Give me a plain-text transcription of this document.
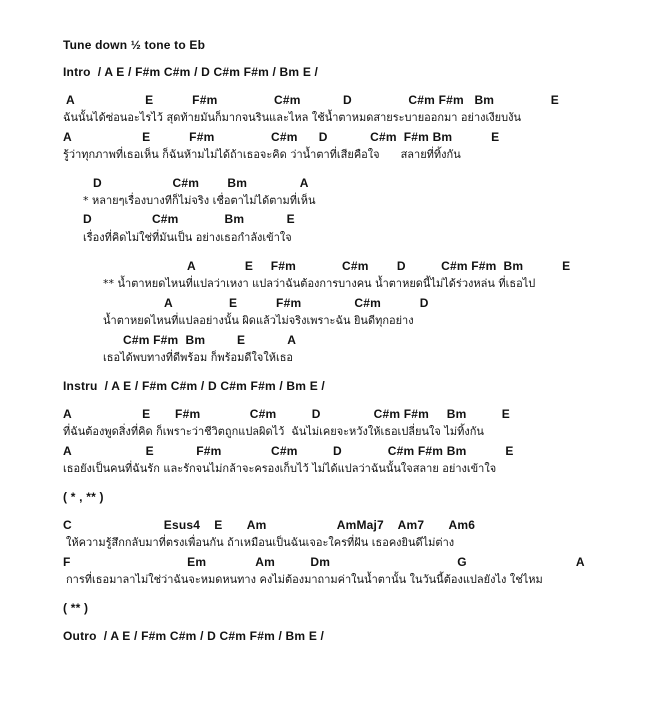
Tune down ½ tone to Eb
Intro  / A E / F#m C#m / D C#m F#m / Bm E /
A                    E           F#m                C#m            D                C#m F#m   Bm                E
ฉันนั้นได้ซ่อนอะไรไว้ สุดท้ายมันก็มากจนรินและไหล ใช้น้ำตาหมดสายระบายออกมา อย่างเงียบงัน
A                    E           F#m                C#m      D            C#m  F#m Bm           E
รู้ว่าทุกภาพที่เธอเห็น ก็ฉันห้ามไม่ได้ถ้าเธอจะคิด ว่าน้ำตาที่เสียคือใจ      สลายที่ทิ้งกัน
D                    C#m        Bm               A
* หลายๆเรื่องบางทีก็ไม่จริง เชื่อตาไม่ได้ตามที่เห็น
D                 C#m             Bm            E
เรื่องที่คิดไม่ใช่ที่มันเป็น อย่างเธอกำลังเข้าใจ
A              E     F#m             C#m        D          C#m F#m  Bm           E
** น้ำตาหยดไหนที่แปลว่าเหงา แปลว่าฉันต้องการบางคน น้ำตาหยดนี้ไม่ได้ร่วงหล่น ที่เธอไป
A                E           F#m               C#m           D
น้ำตาหยดไหนที่แปลอย่างนั้น ผิดแล้วไม่จริงเพราะฉัน ยินดีทุกอย่าง
C#m F#m  Bm         E            A
เธอได้พบทางที่ดีพร้อม ก็พร้อมดีใจให้เธอ
Instru  / A E / F#m C#m / D C#m F#m / Bm E /
A                    E       F#m              C#m          D               C#m F#m     Bm          E
ที่ฉันต้องพูดสิ่งที่คิด ก็เพราะว่าชีวิตถูกแปลผิดไว้  ฉันไม่เคยจะหวังให้เธอเปลี่ยนใจ ไม่ทิ้งกัน
A                     E            F#m              C#m          D             C#m F#m Bm           E
เธอยังเป็นคนที่ฉันรัก และรักจนไม่กล้าจะครองเก็บไว้ ไม่ได้แปลว่าฉันนั้นใจสลาย อย่างเข้าใจ
( * , ** )
C                          Esus4    E       Am                    AmMaj7    Am7       Am6
ให้ความรู้สึกกลับมาที่ตรงเพื่อนกัน ถ้าเหมือนเป็นฉันเจอะใครที่ฝัน เธอคงยินดีไม่ต่าง
F                                 Em              Am          Dm                                    G                               A
การที่เธอมาลาไม่ใช่ว่าฉันจะหมดหนทาง คงไม่ต้องมาถามค่าในน้ำตานั้น ในวันนี้ต้องแปลยังไง ใช่ไหม
( ** )
Outro  / A E / F#m C#m / D C#m F#m / Bm E /
